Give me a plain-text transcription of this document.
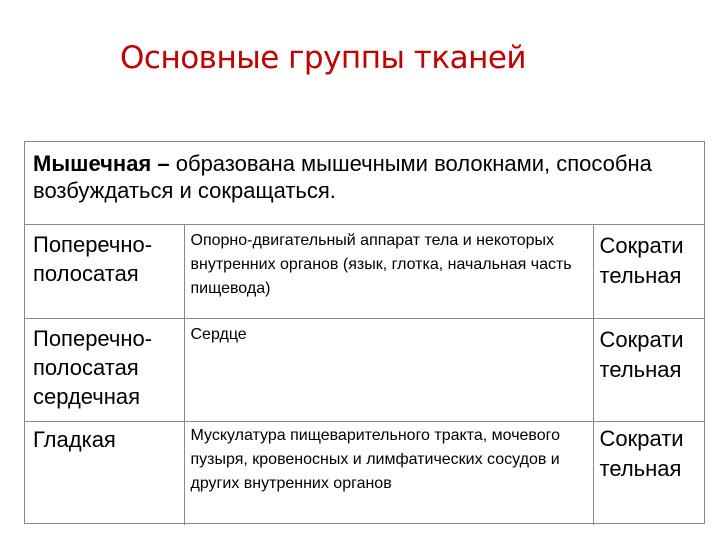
Основные группы тканей
Мышечная – образована мышечными волокнами, способна возбуждаться и сокращаться.
Поперечно-полосатая	Опорно-двигательный аппарат тела и некоторых внутренних органов (язык, глотка, начальная часть пищевода)	Сократи тельная
Поперечно-полосатая сердечная	Сердце	Сократи тельная
Гладкая	Мускулатура пищеварительного тракта, мочевого пузыря, кровеносных и лимфатических сосудов и других внутренних органов	Сократи тельная
